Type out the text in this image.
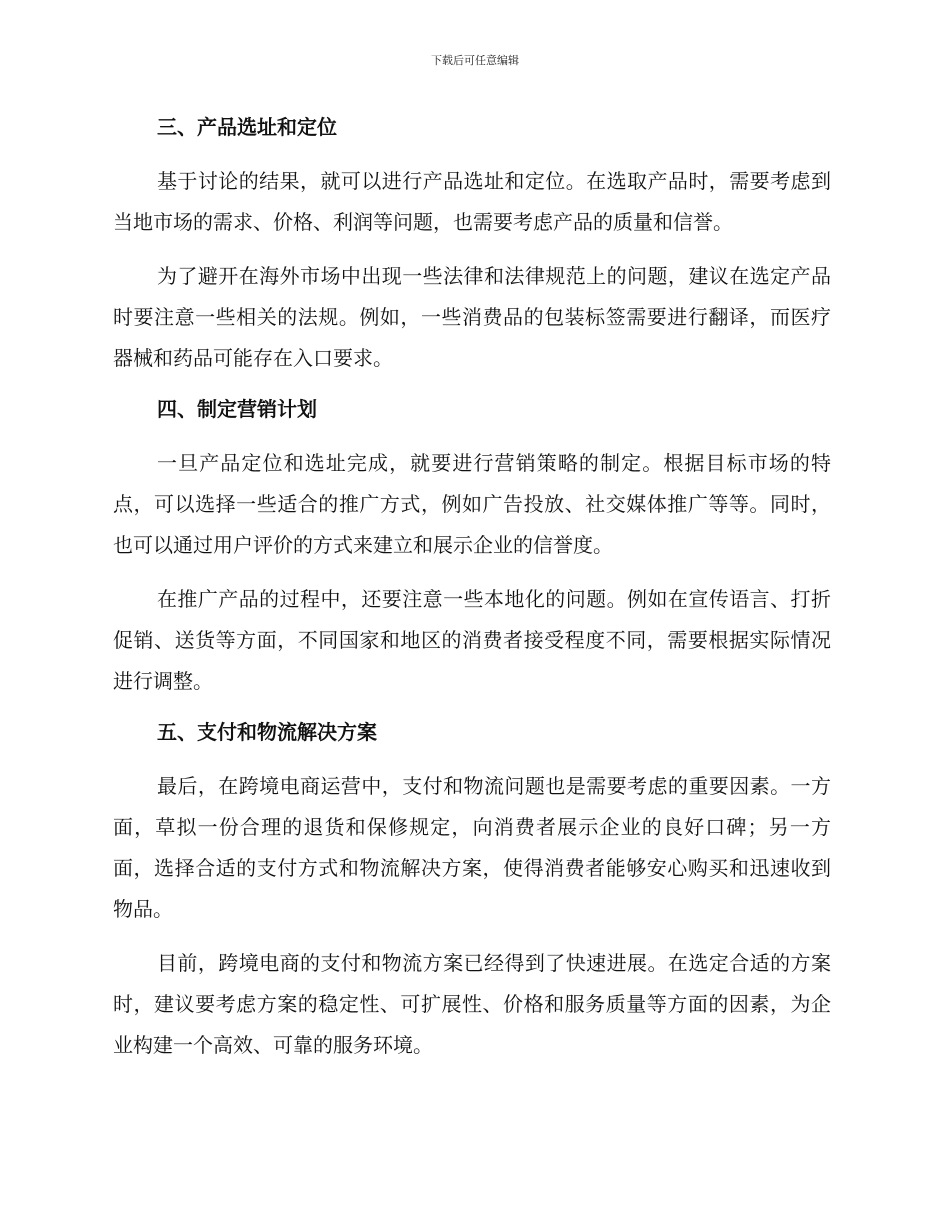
下载后可任意编辑
三、产品选址和定位

基于讨论的结果，就可以进行产品选址和定位。在选取产品时，需要考虑到当地市场的需求、价格、利润等问题，也需要考虑产品的质量和信誉。

为了避开在海外市场中出现一些法律和法律规范上的问题，建议在选定产品时要注意一些相关的法规。例如，一些消费品的包装标签需要进行翻译，而医疗器械和药品可能存在入口要求。

四、制定营销计划

一旦产品定位和选址完成，就要进行营销策略的制定。根据目标市场的特点，可以选择一些适合的推广方式，例如广告投放、社交媒体推广等等。同时，也可以通过用户评价的方式来建立和展示企业的信誉度。

在推广产品的过程中，还要注意一些本地化的问题。例如在宣传语言、打折促销、送货等方面，不同国家和地区的消费者接受程度不同，需要根据实际情况进行调整。

五、支付和物流解决方案

最后，在跨境电商运营中，支付和物流问题也是需要考虑的重要因素。一方面，草拟一份合理的退货和保修规定，向消费者展示企业的良好口碑；另一方面，选择合适的支付方式和物流解决方案，使得消费者能够安心购买和迅速收到物品。

目前，跨境电商的支付和物流方案已经得到了快速进展。在选定合适的方案时，建议要考虑方案的稳定性、可扩展性、价格和服务质量等方面的因素，为企业构建一个高效、可靠的服务环境。
